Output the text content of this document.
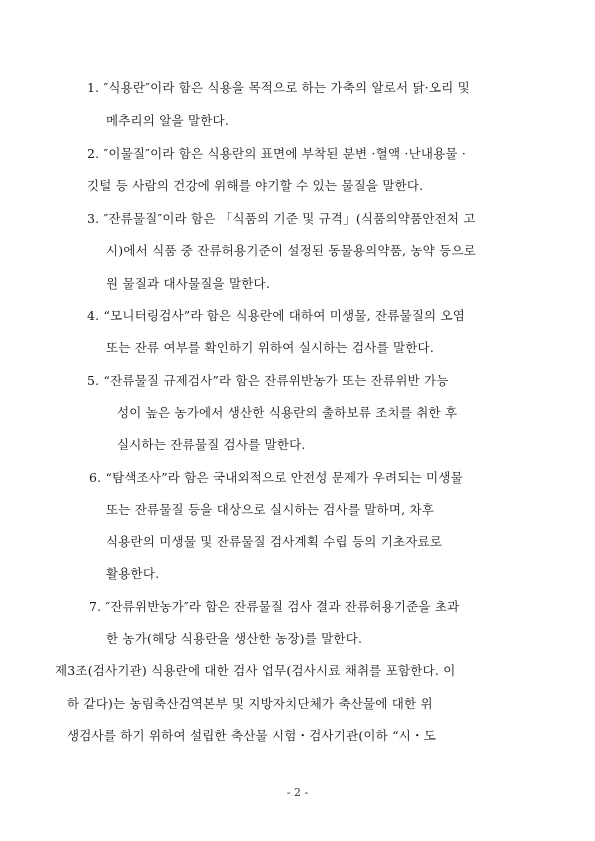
1. ″식용란″이라 함은 식용을 목적으로 하는 가축의 알로서 닭·오리 및
메추리의 알을 말한다.
2. ″이물질″이라 함은 식용란의 표면에 부착된 분변 ·혈액 ·난내용물 ·
깃털 등 사람의 건강에 위해를 야기할 수 있는 물질을 말한다.
3. ″잔류물질″이라 함은 「식품의 기준 및 규격」(식품의약품안전처 고
시)에서 식품 중 잔류허용기준이 설정된 동물용의약품, 농약 등으로
원 물질과 대사물질을 말한다.
4. “모니터링검사”라 함은 식용란에 대하여 미생물, 잔류물질의 오염
또는 잔류 여부를 확인하기 위하여 실시하는 검사를 말한다.
5. “잔류물질 규제검사”라 함은 잔류위반농가 또는 잔류위반 가능
성이 높은 농가에서 생산한 식용란의 출하보류 조치를 취한 후
실시하는 잔류물질 검사를 말한다.
6. “탐색조사”라 함은 국내외적으로 안전성 문제가 우려되는 미생물
또는 잔류물질 등을 대상으로 실시하는 검사를 말하며, 차후
식용란의 미생물 및 잔류물질 검사계획 수립 등의 기초자료로
활용한다.
7. ″잔류위반농가″라 함은 잔류물질 검사 결과 잔류허용기준을 초과
한 농가(해당 식용란을 생산한 농장)를 말한다.
제3조(검사기관) 식용란에 대한 검사 업무(검사시료 채취를 포함한다. 이
하 같다)는 농림축산검역본부 및 지방자치단체가 축산물에 대한 위
생검사를 하기 위하여 설립한 축산물 시험・검사기관(이하 “시・도
- 2 -
